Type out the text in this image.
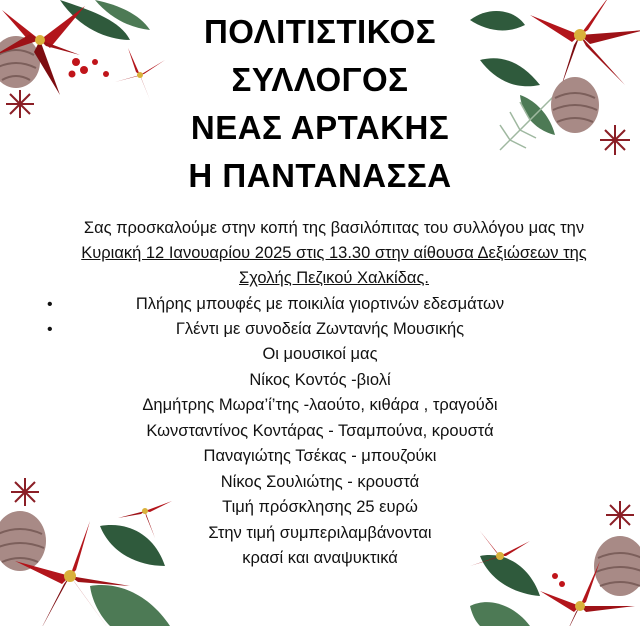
ΠΟΛΙΤΙΣΤΙΚΟΣ
ΣΥΛΛΟΓΟΣ
ΝΕΑΣ ΑΡΤΑΚΗΣ
Η ΠΑΝΤΑΝΑΣΣΑ
Σας προσκαλούμε στην κοπή της βασιλόπιτας του συλλόγου μας την
Κυριακή 12 Ιανουαρίου 2025 στις 13.30 στην αίθουσα Δεξιώσεων της
Σχολής Πεζικού Χαλκίδας.
•	Πλήρης μπουφές με ποικιλία γιορτινών εδεσμάτων
•	Γλέντι με συνοδεία Ζωντανής Μουσικής
Οι μουσικοί μας
Νίκος Κοντός -βιολί
Δημήτρης Μωρα’ί’της -λαούτο, κιθάρα , τραγούδι
Κωνσταντίνος Κοντάρας - Τσαμπούνα, κρουστά
Παναγιώτης Τσέκας - μπουζούκι
Νίκος Σουλιώτης - κρουστά
Τιμή πρόσκλησης 25 ευρώ
Στην τιμή συμπεριλαμβάνονται
κρασί και αναψυκτικά
